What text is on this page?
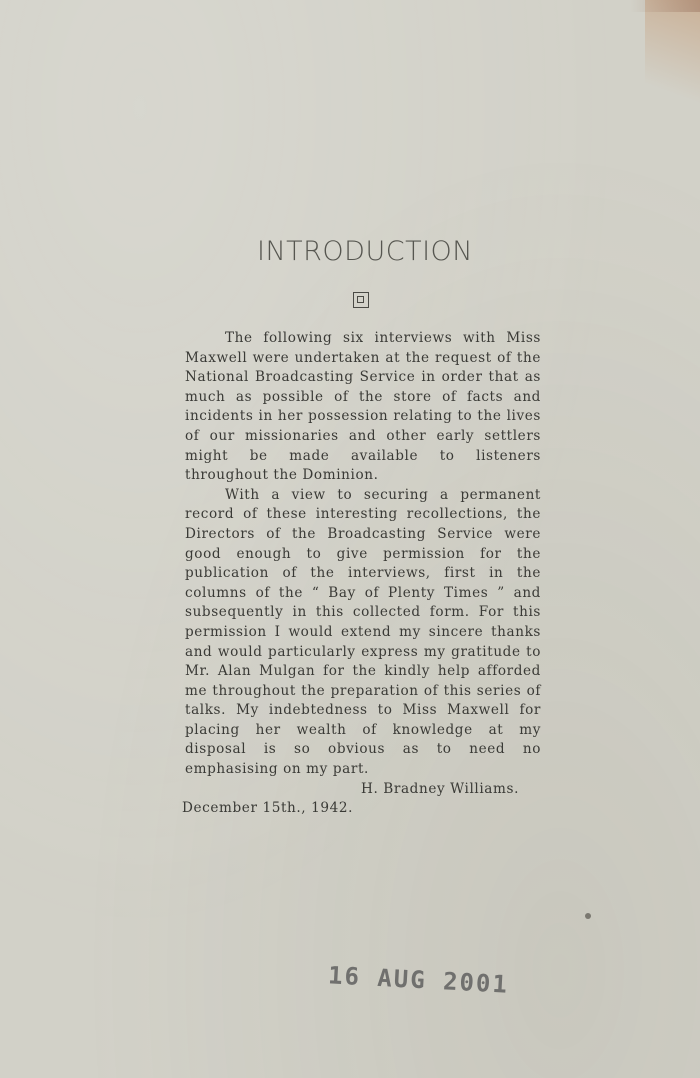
INTRODUCTION

The following six interviews with Miss Maxwell were undertaken at the request of the National Broadcasting Service in order that as much as possible of the store of facts and incidents in her possession relating to the lives of our missionaries and other early settlers might be made available to listeners throughout the Dominion.

With a view to securing a permanent record of these interesting recollections, the Directors of the Broadcasting Service were good enough to give permission for the publication of the interviews, first in the columns of the “ Bay of Plenty Times ” and subsequently in this collected form. For this permission I would extend my sincere thanks and would particularly express my gratitude to Mr. Alan Mulgan for the kindly help afforded me throughout the preparation of this series of talks. My indebtedness to Miss Maxwell for placing her wealth of knowledge at my disposal is so obvious as to need no emphasising on my part.

H. Bradney Williams.

December 15th., 1942.

16 AUG 2001
